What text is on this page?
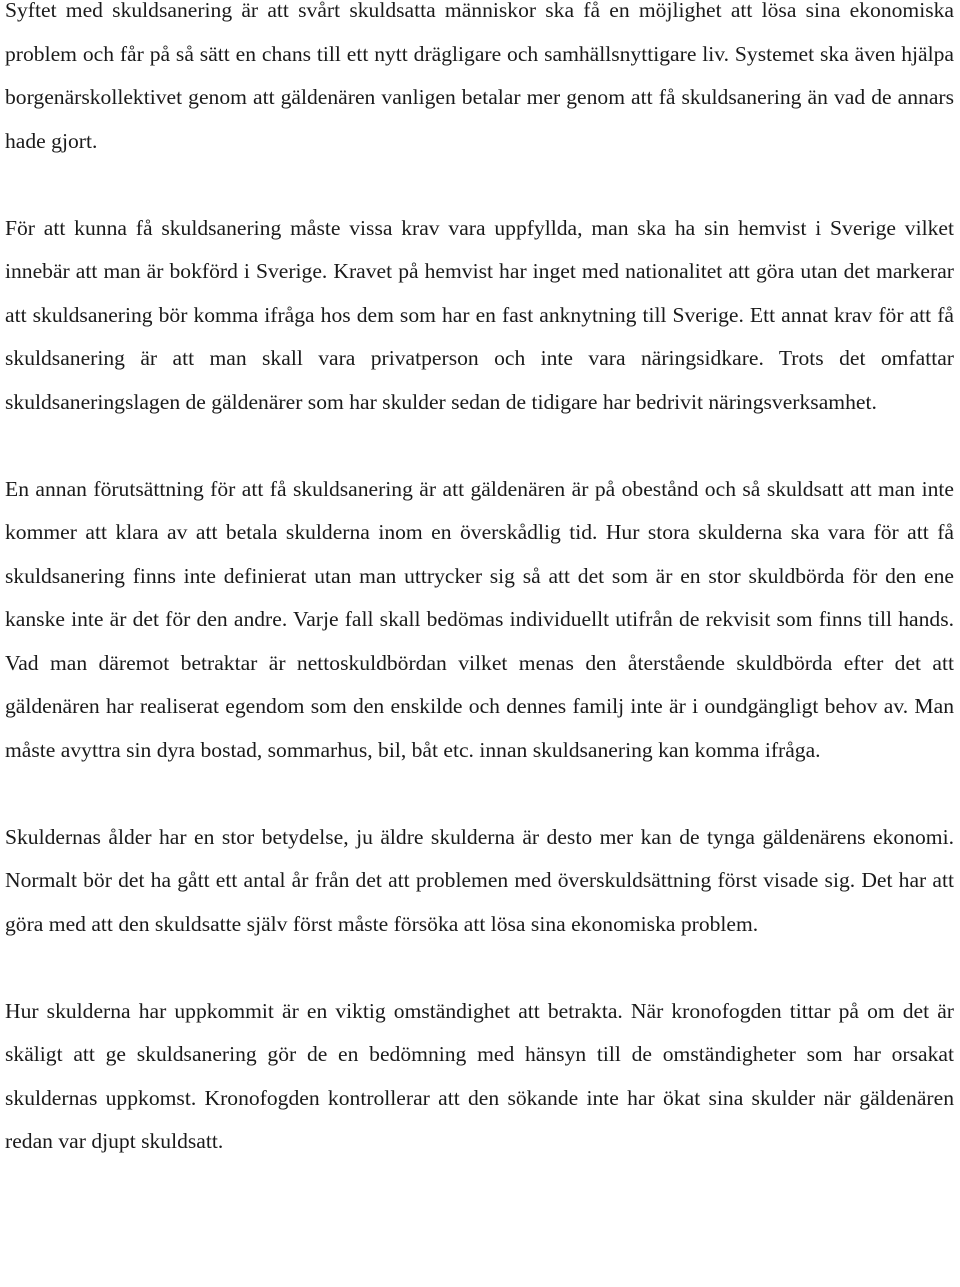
Syftet med skuldsanering är att svårt skuldsatta människor ska få en möjlighet att lösa sina ekonomiska problem och får på så sätt en chans till ett nytt drägligare och samhällsnyttigare liv. Systemet ska även hjälpa borgenärskollektivet genom att gäldenären vanligen betalar mer genom att få skuldsanering än vad de annars hade gjort.

För att kunna få skuldsanering måste vissa krav vara uppfyllda, man ska ha sin hemvist i Sverige vilket innebär att man är bokförd i Sverige. Kravet på hemvist har inget med nationalitet att göra utan det markerar att skuldsanering bör komma ifråga hos dem som har en fast anknytning till Sverige. Ett annat krav för att få skuldsanering är att man skall vara privatperson och inte vara näringsidkare. Trots det omfattar skuldsaneringslagen de gäldenärer som har skulder sedan de tidigare har bedrivit näringsverksamhet.

En annan förutsättning för att få skuldsanering är att gäldenären är på obestånd och så skuldsatt att man inte kommer att klara av att betala skulderna inom en överskådlig tid. Hur stora skulderna ska vara för att få skuldsanering finns inte definierat utan man uttrycker sig så att det som är en stor skuldbörda för den ene kanske inte är det för den andre. Varje fall skall bedömas individuellt utifrån de rekvisit som finns till hands. Vad man däremot betraktar är nettoskuldbördan vilket menas den återstående skuldbörda efter det att gäldenären har realiserat egendom som den enskilde och dennes familj inte är i oundgängligt behov av. Man måste avyttra sin dyra bostad, sommarhus, bil, båt etc. innan skuldsanering kan komma ifråga.

Skuldernas ålder har en stor betydelse, ju äldre skulderna är desto mer kan de tynga gäldenärens ekonomi. Normalt bör det ha gått ett antal år från det att problemen med överskuldsättning först visade sig. Det har att göra med att den skuldsatte själv först måste försöka att lösa sina ekonomiska problem.

Hur skulderna har uppkommit är en viktig omständighet att betrakta. När kronofogden tittar på om det är skäligt att ge skuldsanering gör de en bedömning med hänsyn till de omständigheter som har orsakat skuldernas uppkomst. Kronofogden kontrollerar att den sökande inte har ökat sina skulder när gäldenären redan var djupt skuldsatt.
